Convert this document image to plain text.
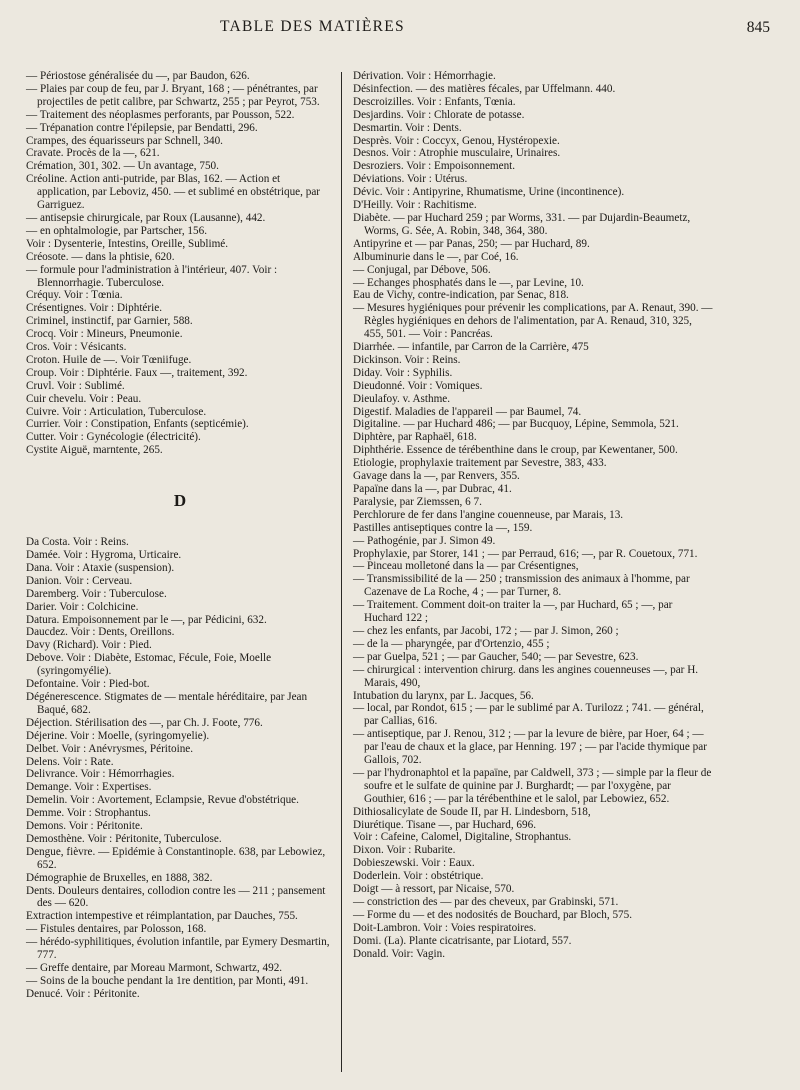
TABLE DES MATIÈRES	845

— Périostose généralisée du —, par Baudon, 626.

— Plaies par coup de feu, par J. Bryant, 168 ; — pénétrantes, par projectiles de petit calibre, par Schwartz, 255 ; par Peyrot, 753.

— Traitement des néoplasmes perforants, par Pousson, 522.

— Trépanation contre l'épilepsie, par Bendatti, 296.

Crampes, des équarisseurs par Schnell, 340.

Cravate. Procès de la —, 621.

Crémation, 301, 302. — Un avantage, 750.

Créoline. Action anti-putride, par Blas, 162. — Action et application, par Leboviz, 450. — et sublimé en obstétrique, par Garriguez.

— antisepsie chirurgicale, par Roux (Lausanne), 442.

— en ophtalmologie, par Partscher, 156.

Voir : Dysenterie, Intestins, Oreille, Sublimé.

Créosote. — dans la phtisie, 620.

— formule pour l'administration à l'intérieur, 407. Voir : Blennorrhagie. Tuberculose.

Créquy. Voir : Tœnia.

Crésentignes. Voir : Diphtérie.

Criminel, instinctif, par Garnier, 588.

Crocq. Voir : Mineurs, Pneumonie.

Cros. Voir : Vésicants.

Croton. Huile de —. Voir Tœniifuge.

Croup. Voir : Diphtérie. Faux —, traitement, 392.

Cruvl. Voir : Sublimé.

Cuir chevelu. Voir : Peau.

Cuivre. Voir : Articulation, Tuberculose.

Currier. Voir : Constipation, Enfants (septicémie).

Cutter. Voir : Gynécologie (électricité).

Cystite Aiguë, marntente, 265.

D

Da Costa. Voir : Reins.

Damée. Voir : Hygroma, Urticaire.

Dana. Voir : Ataxie (suspension).

Danion. Voir : Cerveau.

Daremberg. Voir : Tuberculose.

Darier. Voir : Colchicine.

Datura. Empoisonnement par le —, par Pédicini, 632.

Daucdez. Voir : Dents, Oreillons.

Davy (Richard). Voir : Pied.

Debove. Voir : Diabète, Estomac, Fécule, Foie, Moelle (syringomyélie).

Defontaine. Voir : Pied-bot.

Dégénerescence. Stigmates de — mentale héréditaire, par Jean Baqué, 682.

Déjection. Stérilisation des —, par Ch. J. Foote, 776.

Déjerine. Voir : Moelle, (syringomyelie).

Delbet. Voir : Anévrysmes, Péritoine.

Delens. Voir : Rate.

Delivrance. Voir : Hémorrhagies.

Demange. Voir : Expertises.

Demelin. Voir : Avortement, Eclampsie, Revue d'obstétrique.

Demme. Voir : Strophantus.

Demons. Voir : Péritonite.

Demosthène. Voir : Péritonite, Tuberculose.

Dengue, fièvre. — Epidémie à Constantinople. 638, par Lebowiez, 652.

Démographie de Bruxelles, en 1888, 382.

Dents. Douleurs dentaires, collodion contre les — 211 ; pansement des — 620.

Extraction intempestive et réimplantation, par Dauches, 755.

— Fistules dentaires, par Polosson, 168.

— hérédo-syphilitiques, évolution infantile, par Eymery Desmartin, 777.

— Greffe dentaire, par Moreau Marmont, Schwartz, 492.

— Soins de la bouche pendant la 1re dentition, par Monti, 491.

Denucé. Voir : Péritonite.

Dérivation. Voir : Hémorrhagie.

Désinfection. — des matières fécales, par Uffelmann. 440.

Descroizilles. Voir : Enfants, Tœnia.

Desjardins. Voir : Chlorate de potasse.

Desmartin. Voir : Dents.

Desprès. Voir : Coccyx, Genou, Hystéropexie.

Desnos. Voir : Atrophie musculaire, Urinaires.

Desroziers. Voir : Empoisonnement.

Déviations. Voir : Utérus.

Dévic. Voir : Antipyrine, Rhumatisme, Urine (incontinence).

D'Heilly. Voir : Rachitisme.

Diabète. — par Huchard 259 ; par Worms, 331. — par Dujardin-Beaumetz, Worms, G. Sée, A. Robin, 348, 364, 380.

Antipyrine et — par Panas, 250; — par Huchard, 89.

Albuminurie dans le —, par Coé, 16.

— Conjugal, par Débove, 506.

— Echanges phosphatés dans le —, par Levine, 10.

Eau de Vichy, contre-indication, par Senac, 818.

— Mesures hygiéniques pour prévenir les complications, par A. Renaut, 390. — Règles hygiéniques en dehors de l'alimentation, par A. Renaud, 310, 325, 455, 501. — Voir : Pancréas.

Diarrhée. — infantile, par Carron de la Carrière, 475

Dickinson. Voir : Reins.

Diday. Voir : Syphilis.

Dieudonné. Voir : Vomiques.

Dieulafoy. v. Asthme.

Digestif. Maladies de l'appareil — par Baumel, 74.

Digitaline. — par Huchard 486; — par Bucquoy, Lépine, Semmola, 521.

Diphtère, par Raphaël, 618.

Diphthérie. Essence de térébenthine dans le croup, par Kewentaner, 500.

Etiologie, prophylaxie traitement par Sevestre, 383, 433.

Gavage dans la —, par Renvers, 355.

Papaïne dans la —, par Dubrac, 41.

Paralysie, par Ziemssen, 6 7.

Perchlorure de fer dans l'angine couenneuse, par Marais, 13.

Pastilles antiseptiques contre la —, 159.

— Pathogénie, par J. Simon 49.

Prophylaxie, par Storer, 141 ; — par Perraud, 616; —, par R. Couetoux, 771.

— Pinceau molletoné dans la — par Crésentignes,

— Transmissibilité de la — 250 ; transmission des animaux à l'homme, par Cazenave de La Roche, 4 ; — par Turner, 8.

— Traitement. Comment doit-on traiter la —, par Huchard, 65 ; —, par Huchard 122 ;

— chez les enfants, par Jacobi, 172 ; — par J. Simon, 260 ;

— de la — pharyngée, par d'Ortenzio, 455 ;

— par Guelpa, 521 ; — par Gaucher, 540; — par Sevestre, 623.

— chirurgical : intervention chirurg. dans les angines couenneuses —, par H. Marais, 490,

Intubation du larynx, par L. Jacques, 56.

— local, par Rondot, 615 ; — par le sublimé par A. Turilozz ; 741. — général, par Callias, 616.

— antiseptique, par J. Renou, 312 ; — par la levure de bière, par Hoer, 64 ; — par l'eau de chaux et la glace, par Henning. 197 ; — par l'acide thymique par Gallois, 702.

— par l'hydronaphtol et la papaïne, par Caldwell, 373 ; — simple par la fleur de soufre et le sulfate de quinine par J. Burghardt; — par l'oxygène, par Gouthier, 616 ; — par la térébenthine et le salol, par Lebowiez, 652.

Dithiosalicylate de Soude II, par H. Lindesborn, 518,

Diurétique. Tisane —, par Huchard, 696.

Voir : Cafeine, Calomel, Digitaline, Strophantus.

Dixon. Voir : Rubarite.

Dobieszewski. Voir : Eaux.

Doderlein. Voir : obstétrique.

Doigt — à ressort, par Nicaise, 570.

— constriction des — par des cheveux, par Grabinski, 571.

— Forme du — et des nodosités de Bouchard, par Bloch, 575.

Doit-Lambron. Voir : Voies respiratoires.

Domi. (La). Plante cicatrisante, par Liotard, 557.

Donald. Voir: Vagin.
